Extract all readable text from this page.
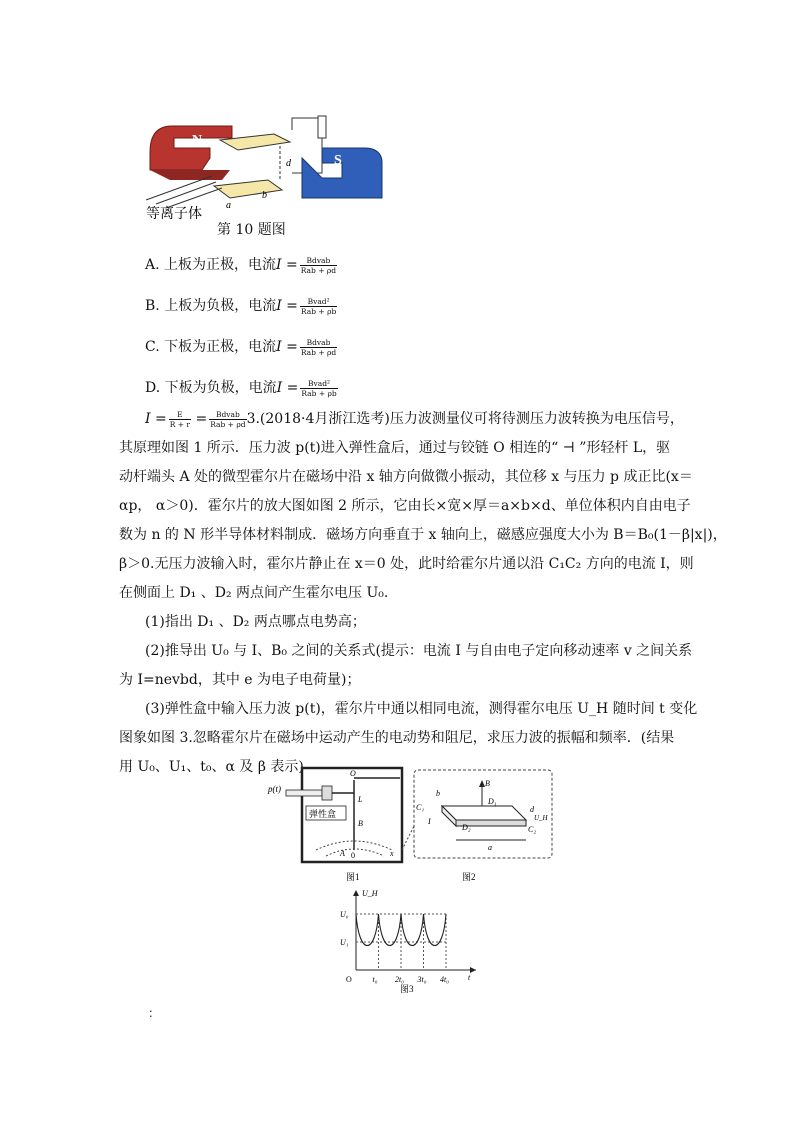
N
S
d
a
b
等离子体
第 10 题图
A. 上板为正极，电流$I = \frac{\text{Bdvab}}{\text{Rab + ρd}}$
B. 上板为负极，电流$I = \frac{\text{Bvad²}}{\text{Rab + ρb}}$
C. 下板为正极，电流$I = \frac{\text{Bdvab}}{\text{Rab + ρd}}$
D. 下板为负极，电流$I = \frac{\text{Bvad²}}{\text{Rab + ρb}}$
$I = \frac{E}{R + r} = \frac{\text{Bdvab}}{\text{Rab + ρd}} 3.(2018\cdot 4$月浙江选考)压力波测量仪可将待测压力波转换为电压信号，
其原理如图 1 所示．压力波 p(t)进入弹性盒后，通过与铰链 O 相连的“ ⊣ ”形轻杆 L，驱
动杆端头 A 处的微型霍尔片在磁场中沿 x 轴方向做微小振动，其位移 x 与压力 p 成正比(x＝
αp， α＞0)．霍尔片的放大图如图 2 所示，它由长×宽×厚＝a×b×d、单位体积内自由电子
数为 n 的 N 形半导体材料制成．磁场方向垂直于 x 轴向上，磁感应强度大小为 B＝B₀(1－β|x|)，
β＞0.无压力波输入时，霍尔片静止在 x＝0 处，此时给霍尔片通以沿 C₁C₂ 方向的电流 I，则
在侧面上 D₁ 、D₂ 两点间产生霍尔电压 U₀.
(1)指出 D₁ 、D₂ 两点哪点电势高；
(2)推导出 U₀ 与 I、B₀ 之间的关系式(提示：电流 I 与自由电子定向移动速率 v 之间关系
为 I=nevbd，其中 e 为电子电荷量)；
(3)弹性盒中输入压力波 p(t)，霍尔片中通以相同电流，测得霍尔电压 U_H 随时间 t 变化
图象如图 3.忽略霍尔片在磁场中运动产生的电动势和阻尼，求压力波的振幅和频率．(结果
用 U₀、U₁、t₀、α 及 β 表示)
p(t)
弹性盒
O
L
B
A 0	x
图1
B
b
d
C₁
C₂
D₁
D₂
I
a
U_H
图2
U_H
t
U₁
U₀
O	t₀ 2t₀ 3t₀ 4t₀
图3
：
